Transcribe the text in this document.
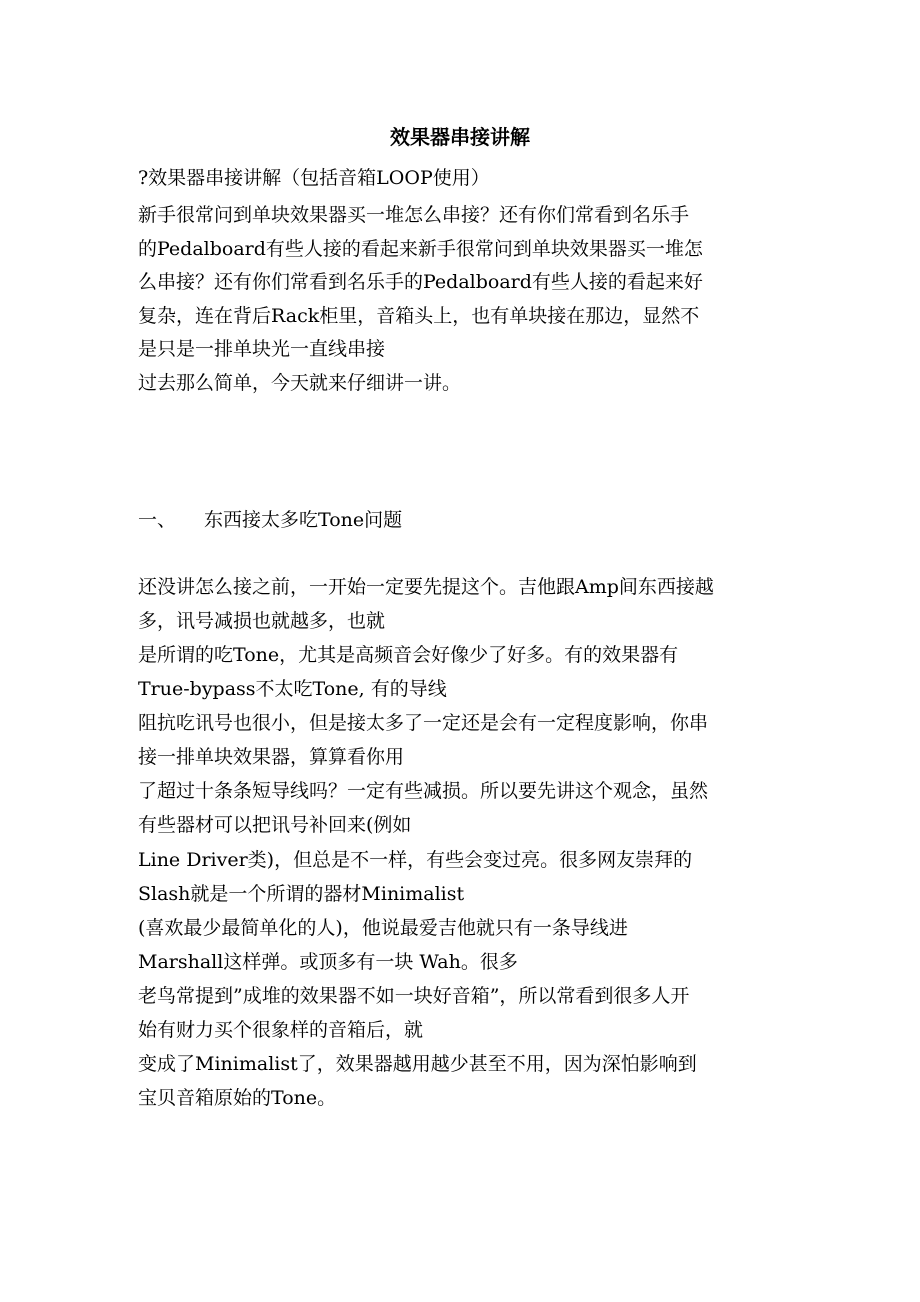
效果器串接讲解

?效果器串接讲解（包括音箱LOOP使用）

新手很常问到单块效果器买一堆怎么串接？还有你们常看到名乐手

的Pedalboard有些人接的看起来新手很常问到单块效果器买一堆怎

么串接？还有你们常看到名乐手的Pedalboard有些人接的看起来好

复杂，连在背后Rack柜里，音箱头上，也有单块接在那边，显然不

是只是一排单块光一直线串接

过去那么简单，今天就来仔细讲一讲。

一、 东西接太多吃Tone问题

还没讲怎么接之前，一开始一定要先提这个。吉他跟Amp间东西接越

多，讯号减损也就越多，也就

是所谓的吃Tone，尤其是高频音会好像少了好多。有的效果器有

True-bypass不太吃Tone, 有的导线

阻抗吃讯号也很小，但是接太多了一定还是会有一定程度影响，你串

接一排单块效果器，算算看你用

了超过十条条短导线吗？一定有些减损。所以要先讲这个观念，虽然

有些器材可以把讯号补回来(例如

Line Driver类)，但总是不一样，有些会变过亮。很多网友崇拜的

Slash就是一个所谓的器材Minimalist

(喜欢最少最简单化的人)，他说最爱吉他就只有一条导线进

Marshall这样弹。或顶多有一块 Wah。很多

老鸟常提到”成堆的效果器不如一块好音箱”，所以常看到很多人开

始有财力买个很象样的音箱后，就

变成了Minimalist了，效果器越用越少甚至不用，因为深怕影响到

宝贝音箱原始的Tone。
